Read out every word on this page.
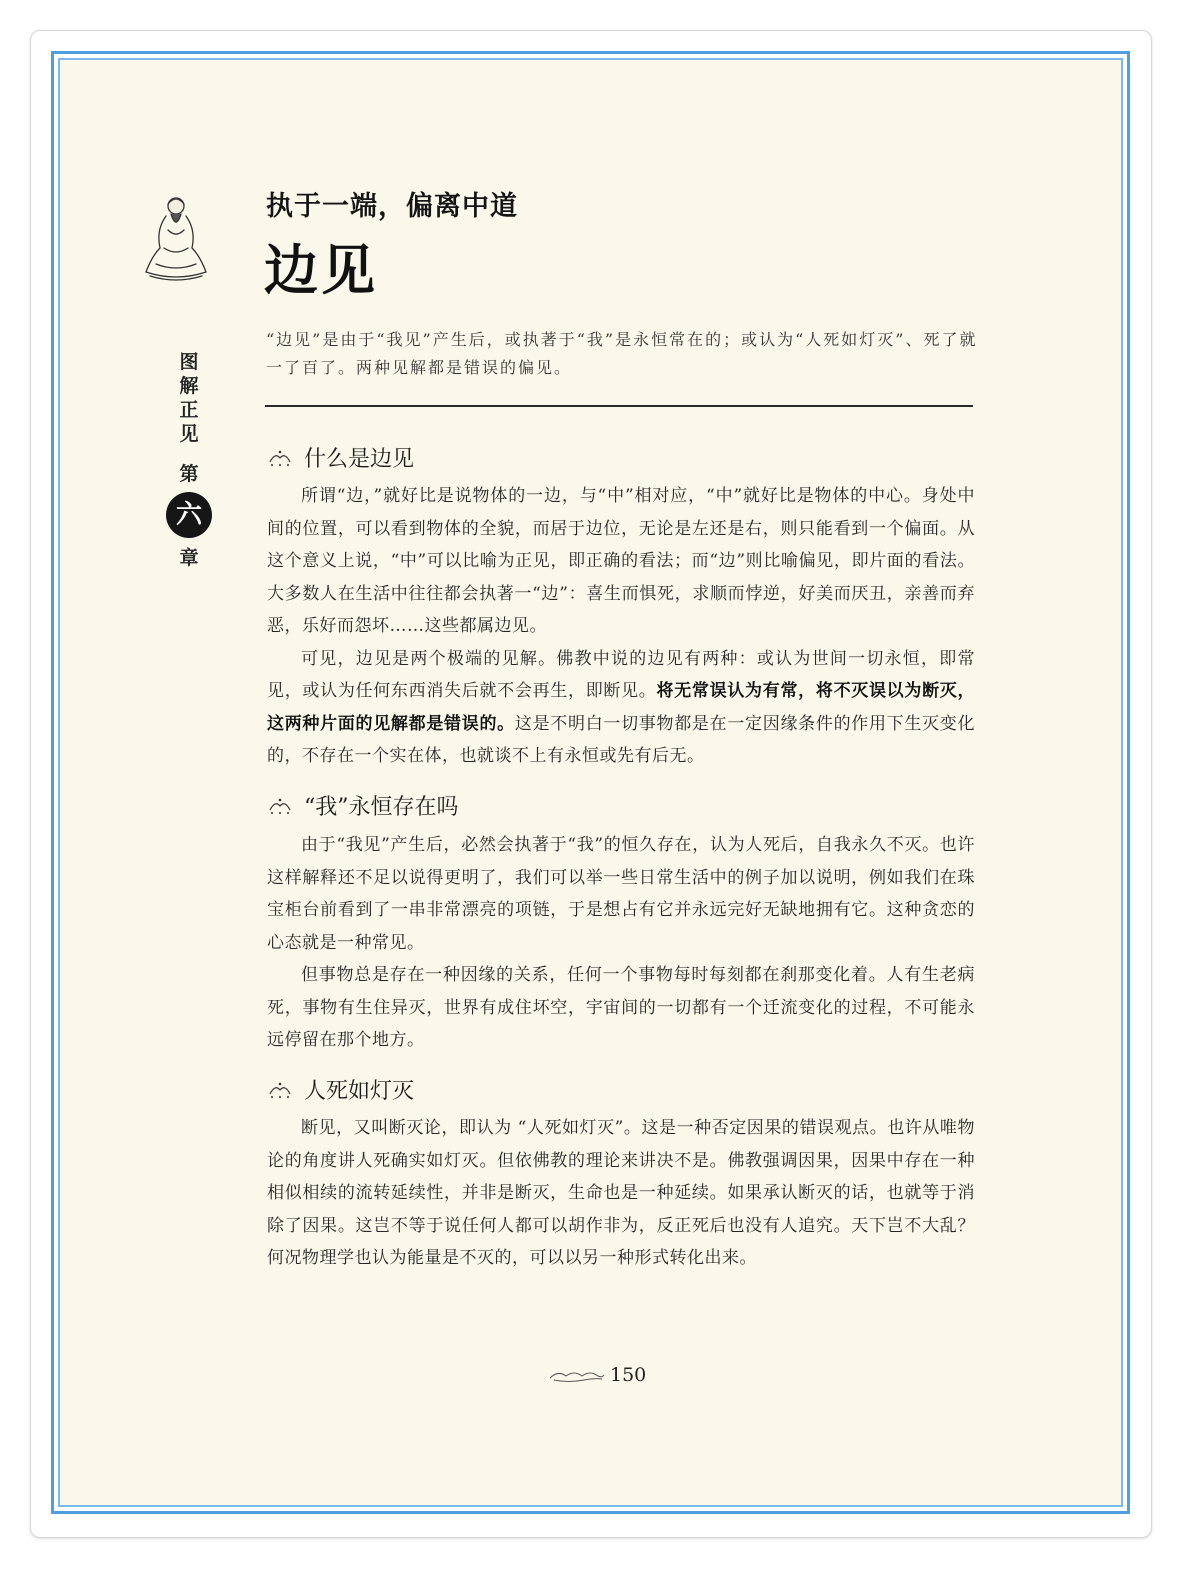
图
解
正
见
第
六
章
执于一端，偏离中道
边见
“边见”是由于“我见”产生后，或执著于“我”是永恒常在的；或认为“人死如灯灭”、死了就一了百了。两种见解都是错误的偏见。
什么是边见

所谓“边，”就好比是说物体的一边，与“中”相对应，“中”就好比是物体的中心。身处中间的位置，可以看到物体的全貌，而居于边位，无论是左还是右，则只能看到一个偏面。从这个意义上说，“中”可以比喻为正见，即正确的看法；而“边”则比喻偏见，即片面的看法。大多数人在生活中往往都会执著一“边”：喜生而惧死，求顺而悖逆，好美而厌丑，亲善而弃恶，乐好而怨坏……这些都属边见。

可见，边见是两个极端的见解。佛教中说的边见有两种：或认为世间一切永恒，即常见，或认为任何东西消失后就不会再生，即断见。将无常误认为有常，将不灭误以为断灭，这两种片面的见解都是错误的。这是不明白一切事物都是在一定因缘条件的作用下生灭变化的，不存在一个实在体，也就谈不上有永恒或先有后无。

“我”永恒存在吗

由于“我见”产生后，必然会执著于“我”的恒久存在，认为人死后，自我永久不灭。也许这样解释还不足以说得更明了，我们可以举一些日常生活中的例子加以说明，例如我们在珠宝柜台前看到了一串非常漂亮的项链，于是想占有它并永远完好无缺地拥有它。这种贪恋的心态就是一种常见。

但事物总是存在一种因缘的关系，任何一个事物每时每刻都在刹那变化着。人有生老病死，事物有生住异灭，世界有成住坏空，宇宙间的一切都有一个迁流变化的过程，不可能永远停留在那个地方。

人死如灯灭

断见，又叫断灭论，即认为 “人死如灯灭”。这是一种否定因果的错误观点。也许从唯物论的角度讲人死确实如灯灭。但依佛教的理论来讲决不是。佛教强调因果，因果中存在一种相似相续的流转延续性，并非是断灭，生命也是一种延续。如果承认断灭的话，也就等于消除了因果。这岂不等于说任何人都可以胡作非为，反正死后也没有人追究。天下岂不大乱？何况物理学也认为能量是不灭的，可以以另一种形式转化出来。

150
